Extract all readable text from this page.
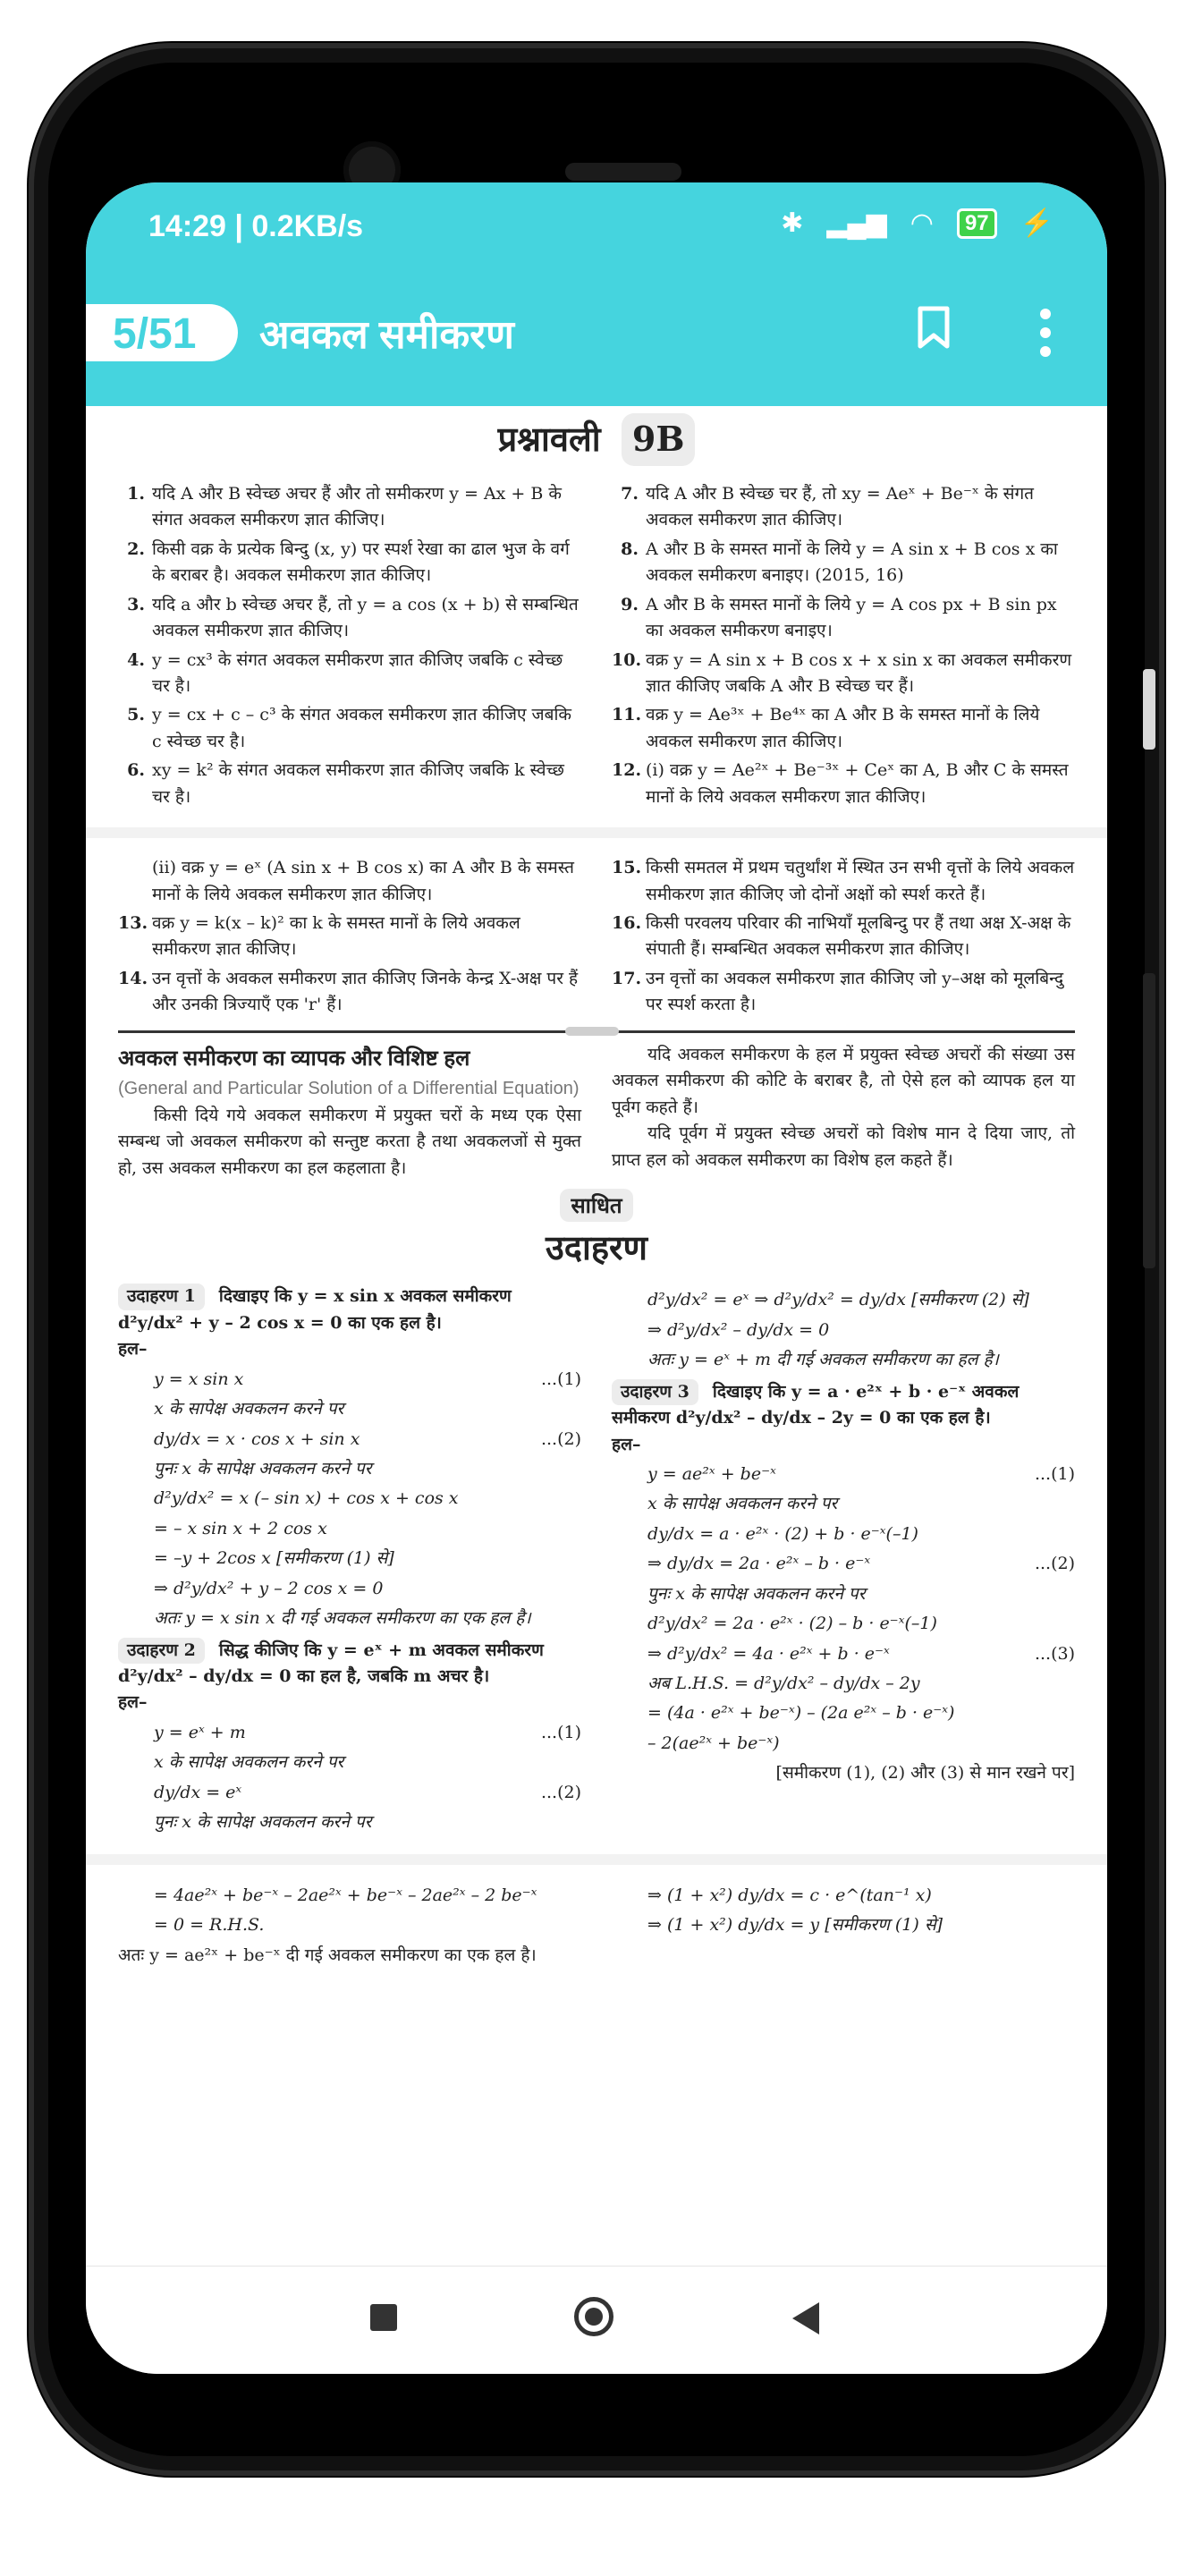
14:29 | 0.2KB/s	✱ ▂▄▆ ◠	97	⚡
5/51 अवकल समीकरण
प्रश्नावली 9B
1. यदि A और B स्वेच्छ अचर हैं और तो समीकरण y = Ax + B के संगत अवकल समीकरण ज्ञात कीजिए।
2. किसी वक्र के प्रत्येक बिन्दु (x, y) पर स्पर्श रेखा का ढाल भुज के वर्ग के बराबर है। अवकल समीकरण ज्ञात कीजिए।
3. यदि a और b स्वेच्छ अचर हैं, तो y = a cos (x + b) से सम्बन्धित अवकल समीकरण ज्ञात कीजिए।
4. y = cx³ के संगत अवकल समीकरण ज्ञात कीजिए जबकि c स्वेच्छ चर है।
5. y = cx + c – c³ के संगत अवकल समीकरण ज्ञात कीजिए जबकि c स्वेच्छ चर है।
6. xy = k² के संगत अवकल समीकरण ज्ञात कीजिए जबकि k स्वेच्छ चर है।
7. यदि A और B स्वेच्छ चर हैं, तो xy = Aeˣ + Be⁻ˣ के संगत अवकल समीकरण ज्ञात कीजिए।
8. A और B के समस्त मानों के लिये y = A sin x + B cos x का अवकल समीकरण बनाइए। (2015, 16)
9. A और B के समस्त मानों के लिये y = A cos px + B sin px का अवकल समीकरण बनाइए।
10. वक्र y = A sin x + B cos x + x sin x का अवकल समीकरण ज्ञात कीजिए जबकि A और B स्वेच्छ चर हैं।
11. वक्र y = Ae³ˣ + Be⁴ˣ का A और B के समस्त मानों के लिये अवकल समीकरण ज्ञात कीजिए।
12. (i) वक्र y = Ae²ˣ + Be⁻³ˣ + Ceˣ का A, B और C के समस्त मानों के लिये अवकल समीकरण ज्ञात कीजिए।
(ii) वक्र y = eˣ (A sin x + B cos x) का A और B के समस्त मानों के लिये अवकल समीकरण ज्ञात कीजिए।
13. वक्र y = k(x – k)² का k के समस्त मानों के लिये अवकल समीकरण ज्ञात कीजिए।
14. उन वृत्तों के अवकल समीकरण ज्ञात कीजिए जिनके केन्द्र X-अक्ष पर हैं और उनकी त्रिज्याएँ एक 'r' हैं।
15. किसी समतल में प्रथम चतुर्थांश में स्थित उन सभी वृत्तों के लिये अवकल समीकरण ज्ञात कीजिए जो दोनों अक्षों को स्पर्श करते हैं।
16. किसी परवलय परिवार की नाभियाँ मूलबिन्दु पर हैं तथा अक्ष X-अक्ष के संपाती हैं। सम्बन्धित अवकल समीकरण ज्ञात कीजिए।
17. उन वृत्तों का अवकल समीकरण ज्ञात कीजिए जो y–अक्ष को मूलबिन्दु पर स्पर्श करता है।
अवकल समीकरण का व्यापक और विशिष्ट हल
(General and Particular Solution of a Differential Equation)
किसी दिये गये अवकल समीकरण में प्रयुक्त चरों के मध्य एक ऐसा सम्बन्ध जो अवकल समीकरण को सन्तुष्ट करता है तथा अवकलजों से मुक्त हो, उस अवकल समीकरण का हल कहलाता है।
यदि अवकल समीकरण के हल में प्रयुक्त स्वेच्छ अचरों की संख्या उस अवकल समीकरण की कोटि के बराबर है, तो ऐसे हल को व्यापक हल या पूर्वग कहते हैं।
यदि पूर्वग में प्रयुक्त स्वेच्छ अचरों को विशेष मान दे दिया जाए, तो प्राप्त हल को अवकल समीकरण का विशेष हल कहते हैं।
साधित
उदाहरण
उदाहरण 1 दिखाइए कि y = x sin x अवकल समीकरण d²y/dx² + y – 2 cos x = 0 का एक हल है।
हल–
y = x sin x	...(1)
x के सापेक्ष अवकलन करने पर
dy/dx = x · cos x + sin x	...(2)
पुनः x के सापेक्ष अवकलन करने पर
d²y/dx² = x (– sin x) + cos x + cos x
= – x sin x + 2 cos x
= –y + 2cos x [समीकरण (1) से]
⇒ d²y/dx² + y – 2 cos x = 0
अतः y = x sin x दी गई अवकल समीकरण का एक हल है।
उदाहरण 2 सिद्ध कीजिए कि y = eˣ + m अवकल समीकरण d²y/dx² – dy/dx = 0 का हल है, जबकि m अचर है।
हल–
y = eˣ + m	...(1)
x के सापेक्ष अवकलन करने पर
dy/dx = eˣ	...(2)
पुनः x के सापेक्ष अवकलन करने पर
d²y/dx² = eˣ ⇒ d²y/dx² = dy/dx [समीकरण (2) से]
⇒ d²y/dx² – dy/dx = 0
अतः y = eˣ + m दी गई अवकल समीकरण का हल है।
उदाहरण 3 दिखाइए कि y = a · e²ˣ + b · e⁻ˣ अवकल समीकरण d²y/dx² – dy/dx – 2y = 0 का एक हल है।
हल–
y = ae²ˣ + be⁻ˣ	...(1)
x के सापेक्ष अवकलन करने पर
dy/dx = a · e²ˣ · (2) + b · e⁻ˣ(–1)
⇒ dy/dx = 2a · e²ˣ – b · e⁻ˣ	...(2)
पुनः x के सापेक्ष अवकलन करने पर
d²y/dx² = 2a · e²ˣ · (2) – b · e⁻ˣ(–1)
⇒ d²y/dx² = 4a · e²ˣ + b · e⁻ˣ	...(3)
अब L.H.S. = d²y/dx² – dy/dx – 2y
= (4a · e²ˣ + be⁻ˣ) – (2a e²ˣ – b · e⁻ˣ)
– 2(ae²ˣ + be⁻ˣ)
[समीकरण (1), (2) और (3) से मान रखने पर]
= 4ae²ˣ + be⁻ˣ – 2ae²ˣ + be⁻ˣ – 2ae²ˣ – 2 be⁻ˣ
= 0 = R.H.S.
अतः y = ae²ˣ + be⁻ˣ दी गई अवकल समीकरण का एक हल है।
⇒ (1 + x²) dy/dx = c · e^(tan⁻¹ x)
⇒ (1 + x²) dy/dx = y [समीकरण (1) से]
